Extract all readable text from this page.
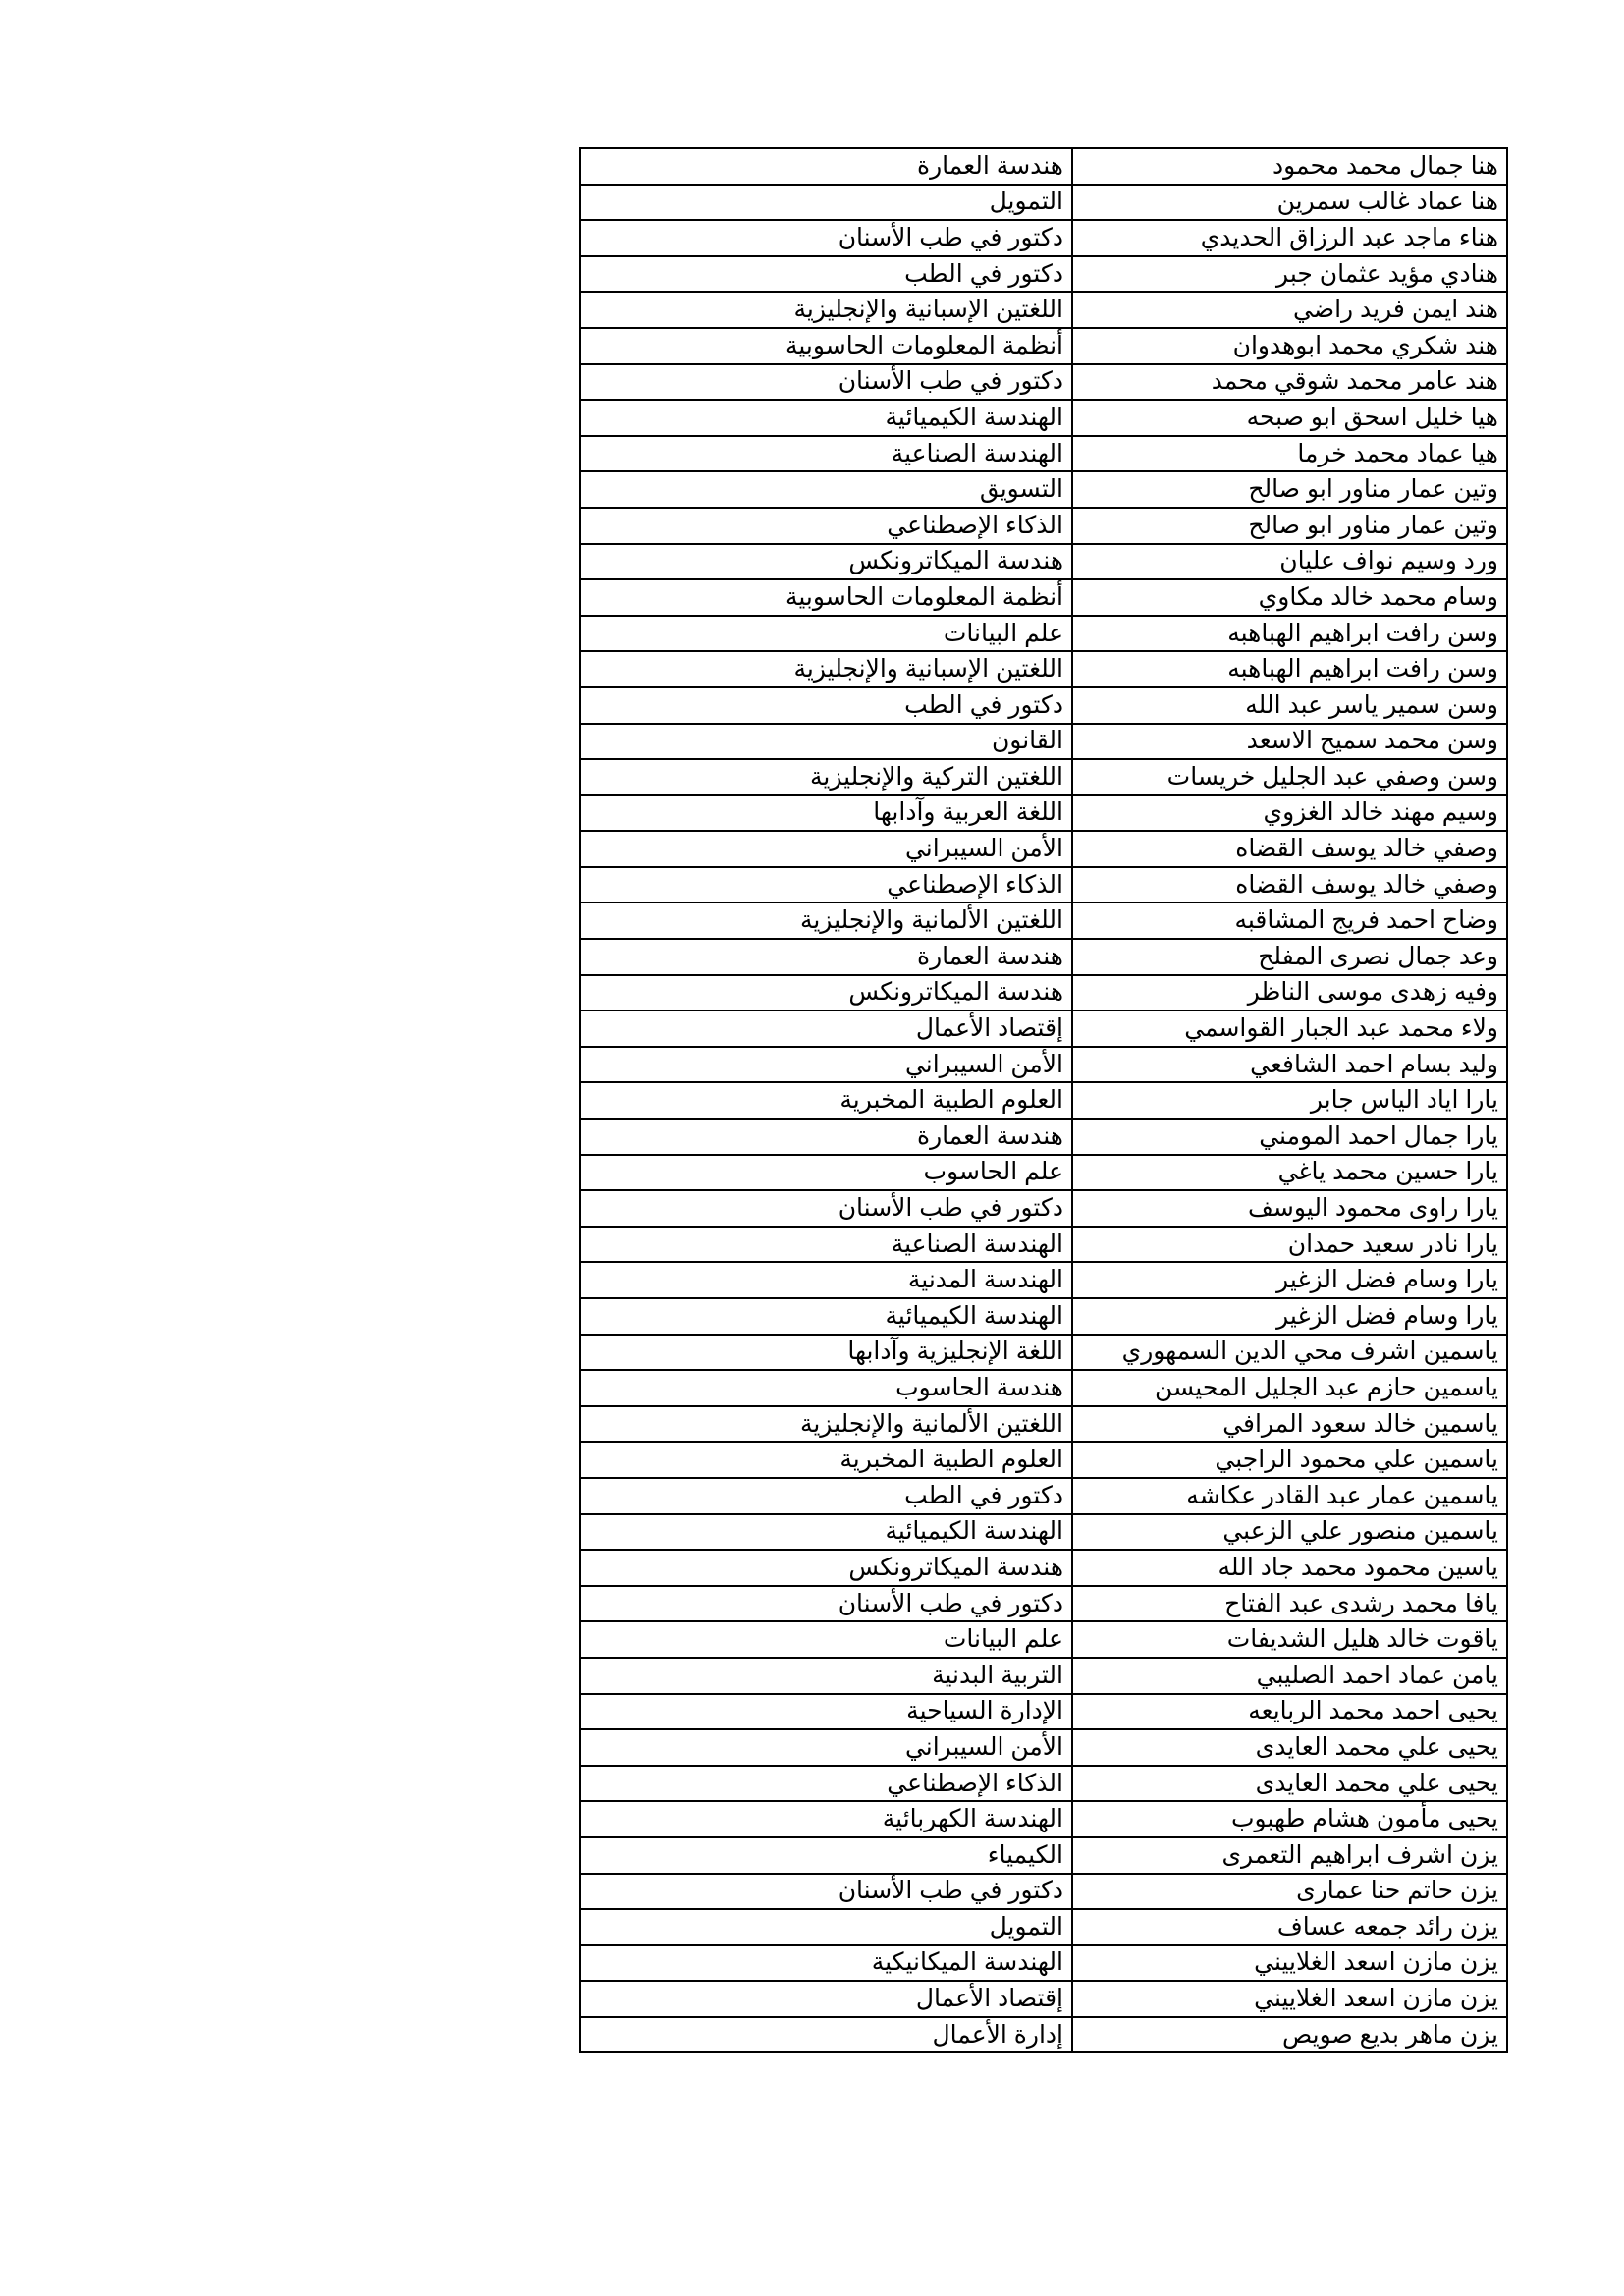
هنا جمال محمد محمود	هندسة العمارة
هنا عماد غالب سمرين	التمويل
هناء ماجد عبد الرزاق الحديدي	دكتور في طب الأسنان
هنادي مؤيد عثمان جبر	دكتور في الطب
هند ايمن فريد راضي	اللغتين الإسبانية والإنجليزية
هند شكري محمد ابوهدوان	أنظمة المعلومات الحاسوبية
هند عامر محمد شوقي محمد	دكتور في طب الأسنان
هيا خليل اسحق ابو صبحه	الهندسة الكيميائية
هيا عماد محمد خرما	الهندسة الصناعية
وتين عمار مناور ابو صالح	التسويق
وتين عمار مناور ابو صالح	الذكاء الإصطناعي
ورد وسيم نواف عليان	هندسة الميكاترونكس
وسام محمد خالد مكاوي	أنظمة المعلومات الحاسوبية
وسن رافت ابراهيم الهباهبه	علم البيانات
وسن رافت ابراهيم الهباهبه	اللغتين الإسبانية والإنجليزية
وسن سمير ياسر عبد الله	دكتور في الطب
وسن محمد سميح الاسعد	القانون
وسن وصفي عبد الجليل خريسات	اللغتين التركية والإنجليزية
وسيم مهند خالد الغزوي	اللغة العربية وآدابها
وصفي خالد يوسف القضاه	الأمن السيبراني
وصفي خالد يوسف القضاه	الذكاء الإصطناعي
وضاح احمد فريج المشاقبه	اللغتين الألمانية والإنجليزية
وعد جمال نصرى المفلح	هندسة العمارة
وفيه زهدى موسى الناظر	هندسة الميكاترونكس
ولاء محمد عبد الجبار القواسمي	إقتصاد الأعمال
وليد بسام احمد الشافعي	الأمن السيبراني
يارا اياد الياس جابر	العلوم الطبية المخبرية
يارا جمال احمد المومني	هندسة العمارة
يارا حسين محمد ياغي	علم الحاسوب
يارا راوى محمود اليوسف	دكتور في طب الأسنان
يارا نادر سعيد حمدان	الهندسة الصناعية
يارا وسام فضل الزغير	الهندسة المدنية
يارا وسام فضل الزغير	الهندسة الكيميائية
ياسمين اشرف محي الدين السمهوري	اللغة الإنجليزية وآدابها
ياسمين حازم عبد الجليل المحيسن	هندسة الحاسوب
ياسمين خالد سعود المرافي	اللغتين الألمانية والإنجليزية
ياسمين علي محمود الراجبي	العلوم الطبية المخبرية
ياسمين عمار عبد القادر عكاشه	دكتور في الطب
ياسمين منصور علي الزعبي	الهندسة الكيميائية
ياسين محمود محمد جاد الله	هندسة الميكاترونكس
يافا محمد رشدى عبد الفتاح	دكتور في طب الأسنان
ياقوت خالد هليل الشديفات	علم البيانات
يامن عماد احمد الصليبي	التربية البدنية
يحيى احمد محمد الربايعه	الإدارة السياحية
يحيى علي محمد العايدى	الأمن السيبراني
يحيى علي محمد العايدى	الذكاء الإصطناعي
يحيى مأمون هشام طهبوب	الهندسة الكهربائية
يزن اشرف ابراهيم التعمرى	الكيمياء
يزن حاتم حنا عمارى	دكتور في طب الأسنان
يزن رائد جمعه عساف	التمويل
يزن مازن اسعد الغلاييني	الهندسة الميكانيكية
يزن مازن اسعد الغلاييني	إقتصاد الأعمال
يزن ماهر بديع صويص	إدارة الأعمال
